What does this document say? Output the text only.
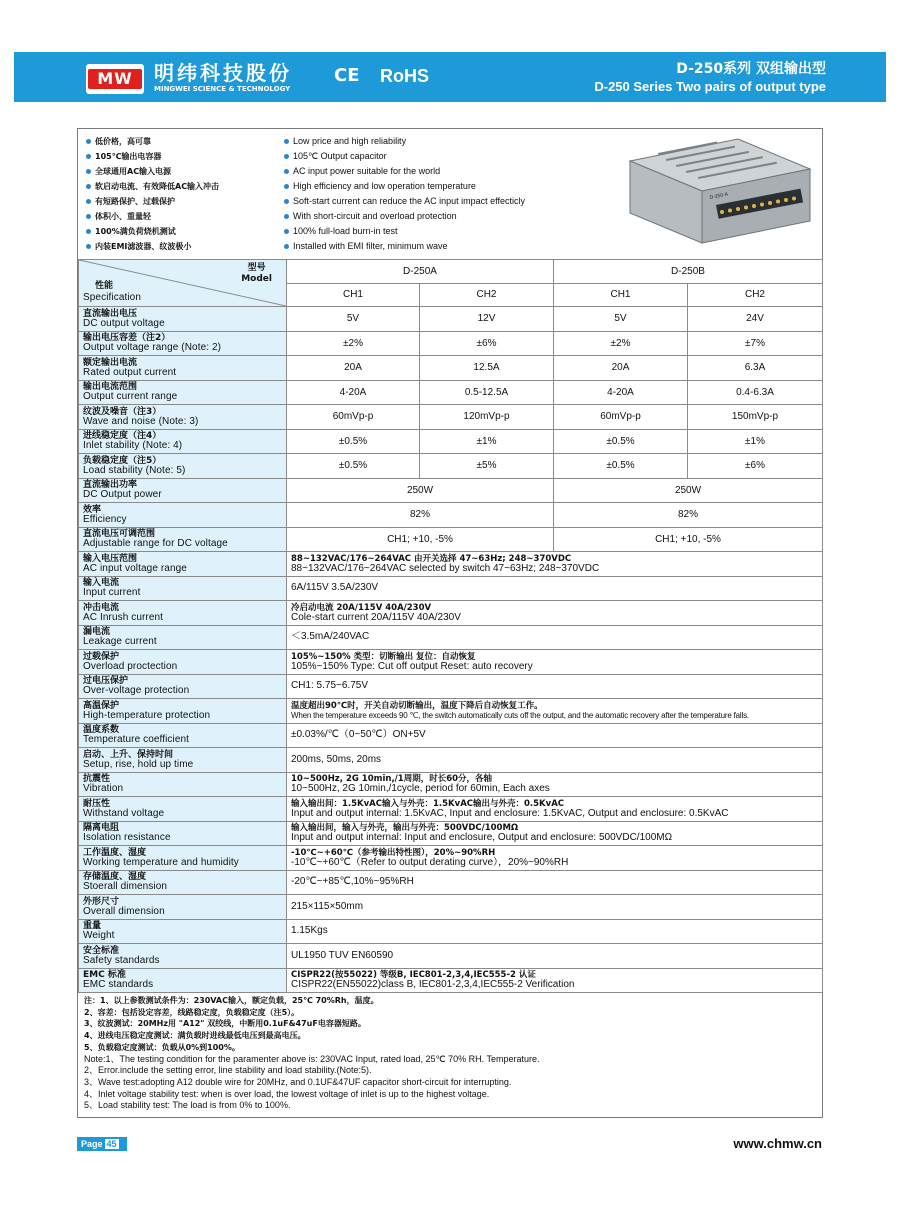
MW	明纬科技股份
MINGWEI SCIENCE & TECHNOLOGY
CE RoHS	D-250系列 双组输出型
D-250 Series Two pairs of output type
低价格，高可靠
105℃输出电容器
全球通用AC输入电源
软启动电流、有效降低AC输入冲击
有短路保护、过载保护
体积小、重量轻
100%满负荷烧机测试
内装EMI滤波器、纹波极小
Low price and high reliability
105℃ Output capacitor
AC input power suitable for the world
High efficiency and low operation temperature
Soft-start current can reduce the AC input impact effecticly
With short-circuit and overload protection
100% full-load burn-in test
Installed with EMI filter, minimum wave
D-250-A
型号
Model
性能

Specification	D-250A		D-250B	
	CH1	CH2	CH1	CH2

直流输出电压
DC output voltage	5V	12V	5V	24V

输出电压容差（注2）
Output voltage range (Note: 2)	±2%	±6%	±2%	±7%

额定输出电流
Rated output current	20A	12.5A	20A	6.3A

输出电流范围
Output current range	4-20A	0.5-12.5A	4-20A	0.4-6.3A

纹波及噪音（注3）
Wave and noise (Note: 3)	60mVp-p	120mVp-p	60mVp-p	150mVp-p

进线稳定度（注4）
Inlet stability (Note: 4)	±0.5%	±1%	±0.5%	±1%

负载稳定度（注5）
Load stability (Note: 5)	±0.5%	±5%	±0.5%	±6%

直流输出功率
DC Output power	250W		250W	

效率
Efficiency	82%		82%	

直流电压可调范围
Adjustable range for DC voltage	CH1; +10, -5%		CH1; +10, -5%	

输入电压范围
AC input voltage range	88~132VAC/176~264VAC 由开关选择 47~63Hz; 248~370VDC
88~132VAC/176~264VAC selected by switch 47~63Hz; 248~370VDC			

输入电流
Input current	6A/115V 3.5A/230V			

冲击电流
AC Inrush current	冷启动电流 20A/115V 40A/230V
Cole-start current 20A/115V 40A/230V			

漏电流
Leakage current	＜3.5mA/240VAC			

过载保护
Overload proctection	105%~150% 类型：切断输出 复位：自动恢复
105%~150% Type: Cut off output Reset: auto recovery			

过电压保护
Over-voltage protection	CH1: 5.75~6.75V			

高温保护
High-temperature protection	温度超出90℃时，开关自动切断输出，温度下降后自动恢复工作。
When the temperature exceeds 90 ℃, the switch automatically cuts off the output, and the automatic recovery after the temperature falls.			

温度系数
Temperature coefficient	±0.03%/℃（0~50℃）ON+5V			

启动、上升、保持时间
Setup, rise, hold up time	200ms, 50ms, 20ms			

抗震性
Vibration	10~500Hz, 2G 10min,/1周期，时长60分，各轴
10~500Hz, 2G 10min,/1cycle, period for 60min, Each axes			

耐压性
Withstand voltage	输入输出间：1.5KvAC输入与外壳：1.5KvAC输出与外壳：0.5KvAC
Input and output internal: 1.5KvAC, Input and enclosure: 1.5KvAC, Output and enclosure: 0.5KvAC			

隔离电阻
Isolation resistance	输入输出间，输入与外壳，输出与外壳：500VDC/100MΩ
Input and output internal: Input and enclosure, Output and enclosure: 500VDC/100MΩ			

工作温度、湿度
Working temperature and humidity	-10℃~+60℃（参考输出特性图），20%~90%RH
-10℃~+60℃（Refer to output derating curve），20%~90%RH			

存储温度、湿度
Stoerall dimension	-20℃~+85℃,10%~95%RH			

外形尺寸
Overall dimension	215×115×50mm			

重量
Weight	1.15Kgs			

安全标准
Safety standards	UL1950 TUV EN60590			

EMC 标准
EMC standards	CISPR22(按55022) 等级B, IEC801-2,3,4,IEC555-2 认证
CISPR22(EN55022)class B, IEC801-2,3,4,IEC555-2 Verification			

注：1、以上参数测试条件为：230VAC输入，额定负载，25℃ 70%Rh，温度。

2、容差：包括设定容差，线路稳定度，负载稳定度（注5）。

3、纹波测试：20MHz用 "A12" 双绞线，中断用0.1uF&47uF电容器短路。

4、进线电压稳定度测试：满负载时进线最低电压到最高电压。

5、负载稳定度测试：负载从0%到100%。

Note:1、The testing condition for the paramenter above is: 230VAC Input, rated load, 25℃ 70% RH. Temperature.

2、Error.include the setting error, line stability and load stability.(Note:5).

3、Wave test:adopting A12 double wire for 20MHz, and 0.1UF&47UF capacitor short-circuit for interrupting.

4、Inlet voltage stability test: when is over load, the lowest voltage of inlet is up to the highest voltage.

5、Load stability test: The load is from 0% to 100%.

Page 45	www.chmw.cn
